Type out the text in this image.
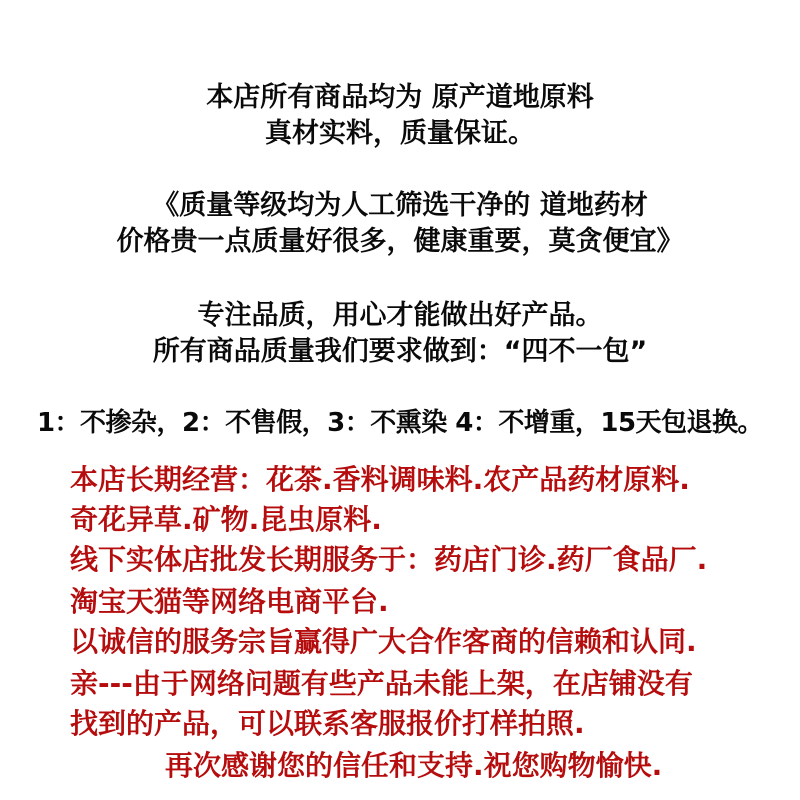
本店所有商品均为 原产道地原料
真材实料，质量保证。
《质量等级均为人工筛选干净的 道地药材
价格贵一点质量好很多，健康重要，莫贪便宜》
专注品质，用心才能做出好产品。
所有商品质量我们要求做到：“四不一包”
1：不掺杂，2：不售假，3：不熏染 4：不增重，15天包退换。
本店长期经营：花茶.香料调味料.农产品药材原料.
奇花异草.矿物.昆虫原料.
线下实体店批发长期服务于：药店门诊.药厂食品厂.
淘宝天猫等网络电商平台.
以诚信的服务宗旨赢得广大合作客商的信赖和认同.
亲---由于网络问题有些产品未能上架，在店铺没有
找到的产品，可以联系客服报价打样拍照.
再次感谢您的信任和支持.祝您购物愉快.
